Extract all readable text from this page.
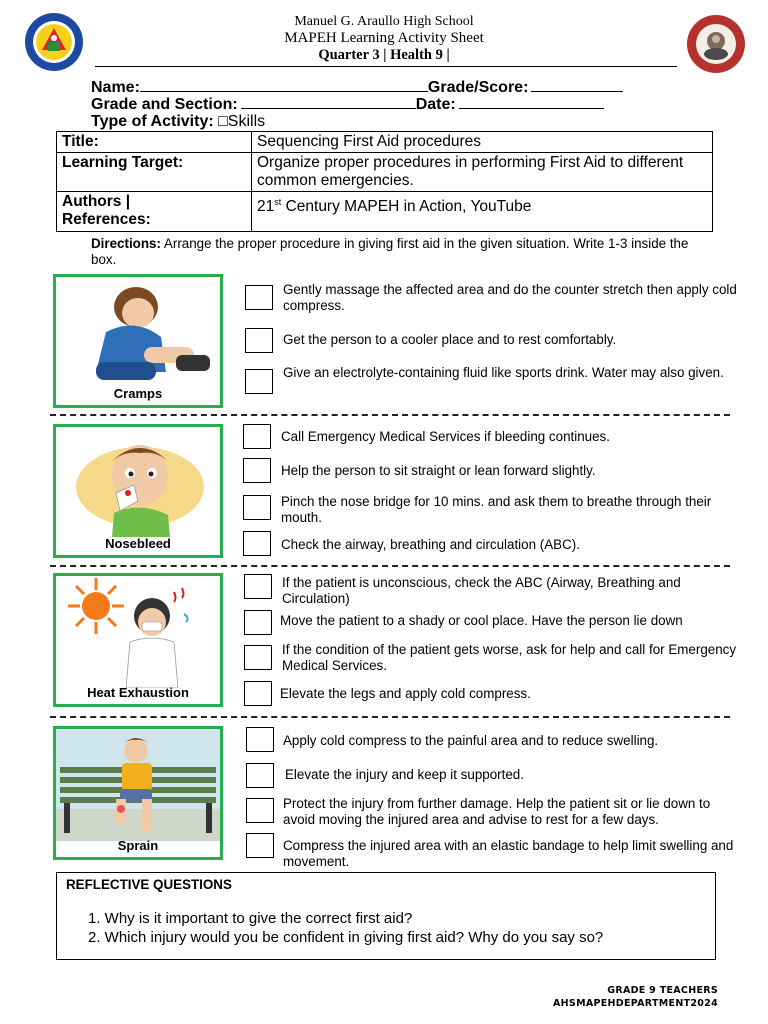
Manuel G. Araullo High School
MAPEH Learning Activity Sheet
Quarter 3 | Health 9 |
Name:	Grade/Score:
Grade and Section:	Date:
Type of Activity: □Skills
Title:	Sequencing First Aid procedures
Learning Target:	Organize proper procedures in performing First Aid to different common emergencies.

Authors |
References:	21st Century MAPEH in Action, YouTube
Directions: Arrange the proper procedure in giving first aid in the given situation. Write 1-3 inside the box.
Cramps
Gently massage the affected area and do the counter stretch then apply cold compress.
Get the person to a cooler place and to rest comfortably.
Give an electrolyte-containing fluid like sports drink. Water may also given.
Nosebleed
Call Emergency Medical Services if bleeding continues.
Help the person to sit straight or lean forward slightly.
Pinch the nose bridge for 10 mins. and ask them to breathe through their mouth.
Check the airway, breathing and circulation (ABC).
Heat Exhaustion
If the patient is unconscious, check the ABC (Airway, Breathing and Circulation)
Move the patient to a shady or cool place. Have the person lie down
If the condition of the patient gets worse, ask for help and call for Emergency Medical Services.
Elevate the legs and apply cold compress.
Sprain
Apply cold compress to the painful area and to reduce swelling.
Elevate the injury and keep it supported.
Protect the injury from further damage. Help the patient sit or lie down to avoid moving the injured area and advise to rest for a few days.
Compress the injured area with an elastic bandage to help limit swelling and movement.
REFLECTIVE QUESTIONS
1. Why is it important to give the correct first aid?
2. Which injury would you be confident in giving first aid? Why do you say so?
GRADE 9 TEACHERS
AHSMAPEHDEPARTMENT2024
